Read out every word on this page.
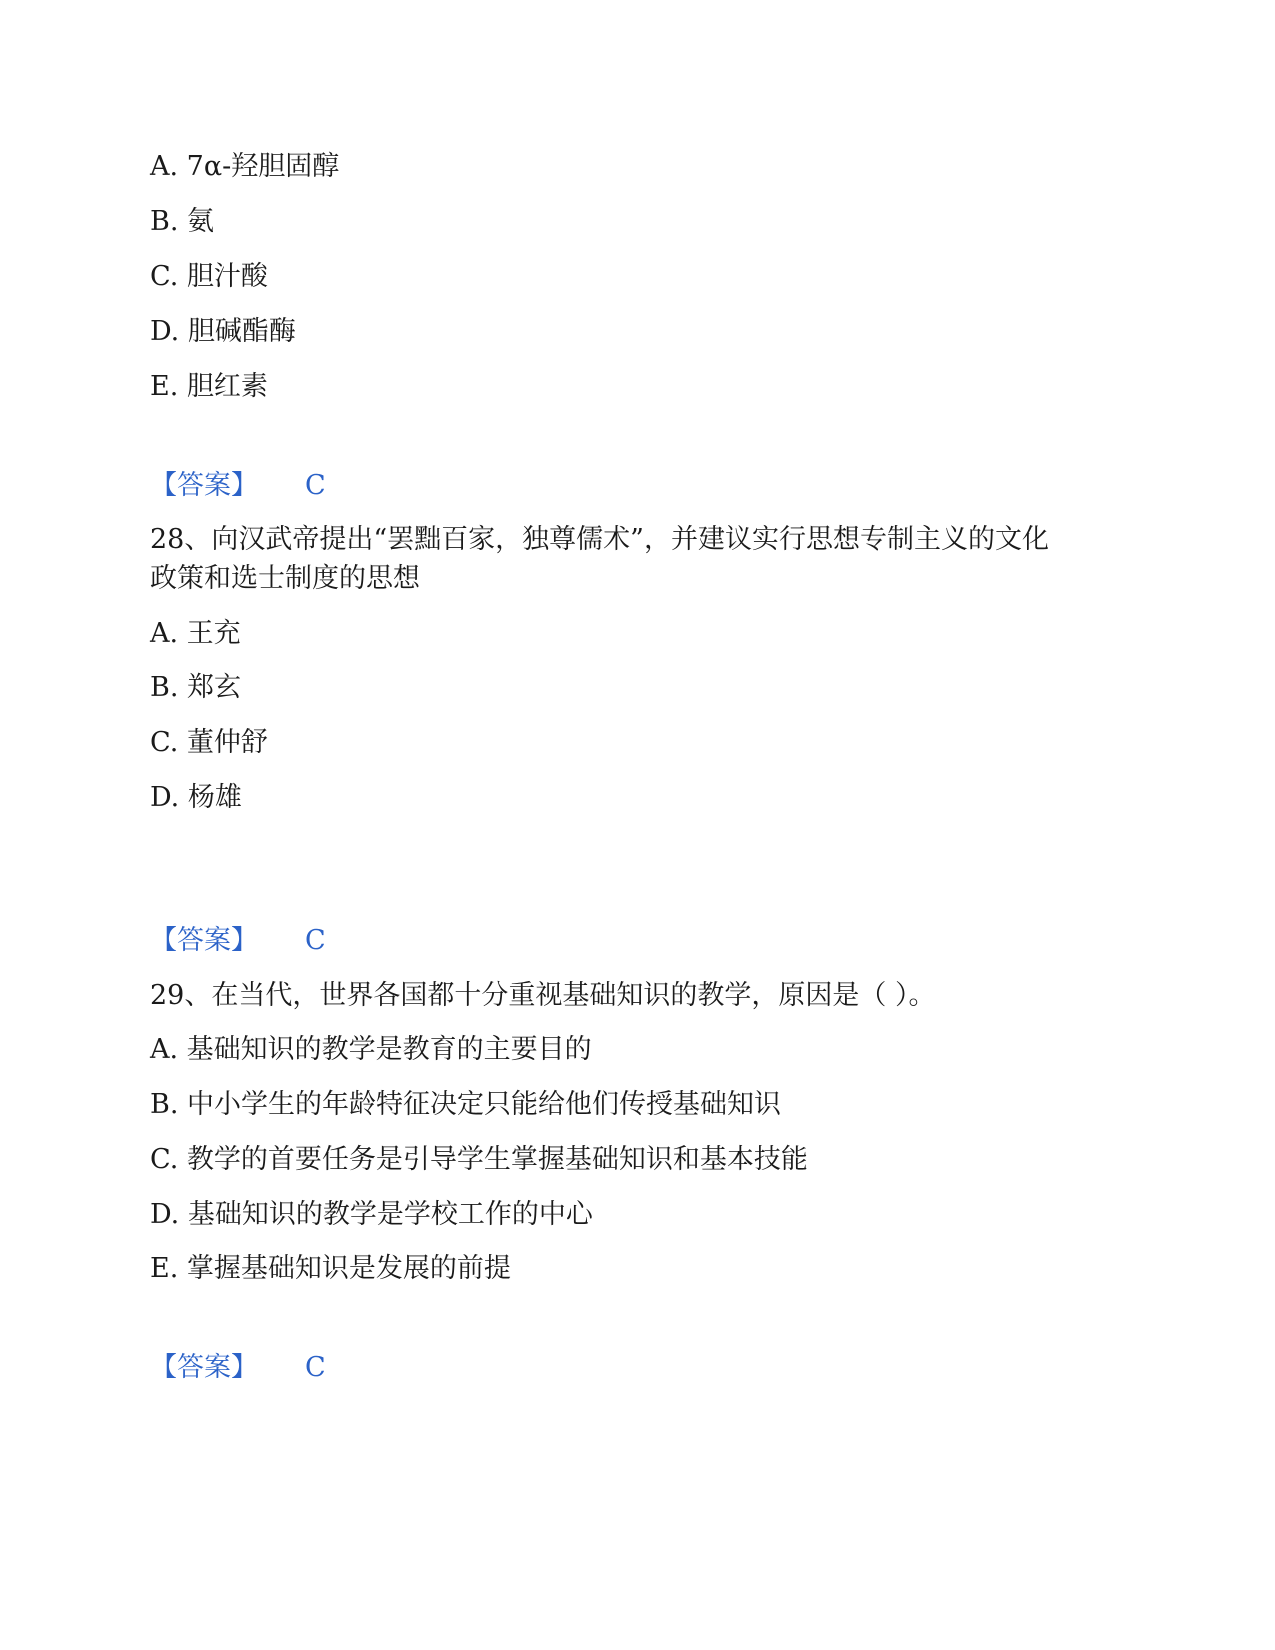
A. 7α-羟胆固醇
B. 氨
C. 胆汁酸
D. 胆碱酯酶
E. 胆红素
【答案】 C
28、向汉武帝提出“罢黜百家，独尊儒术”，并建议实行思想专制主义的文化
政策和选士制度的思想
A. 王充
B. 郑玄
C. 董仲舒
D. 杨雄
【答案】 C
29、在当代，世界各国都十分重视基础知识的教学，原因是（ ）。
A. 基础知识的教学是教育的主要目的
B. 中小学生的年龄特征决定只能给他们传授基础知识
C. 教学的首要任务是引导学生掌握基础知识和基本技能
D. 基础知识的教学是学校工作的中心
E. 掌握基础知识是发展的前提
【答案】 C
